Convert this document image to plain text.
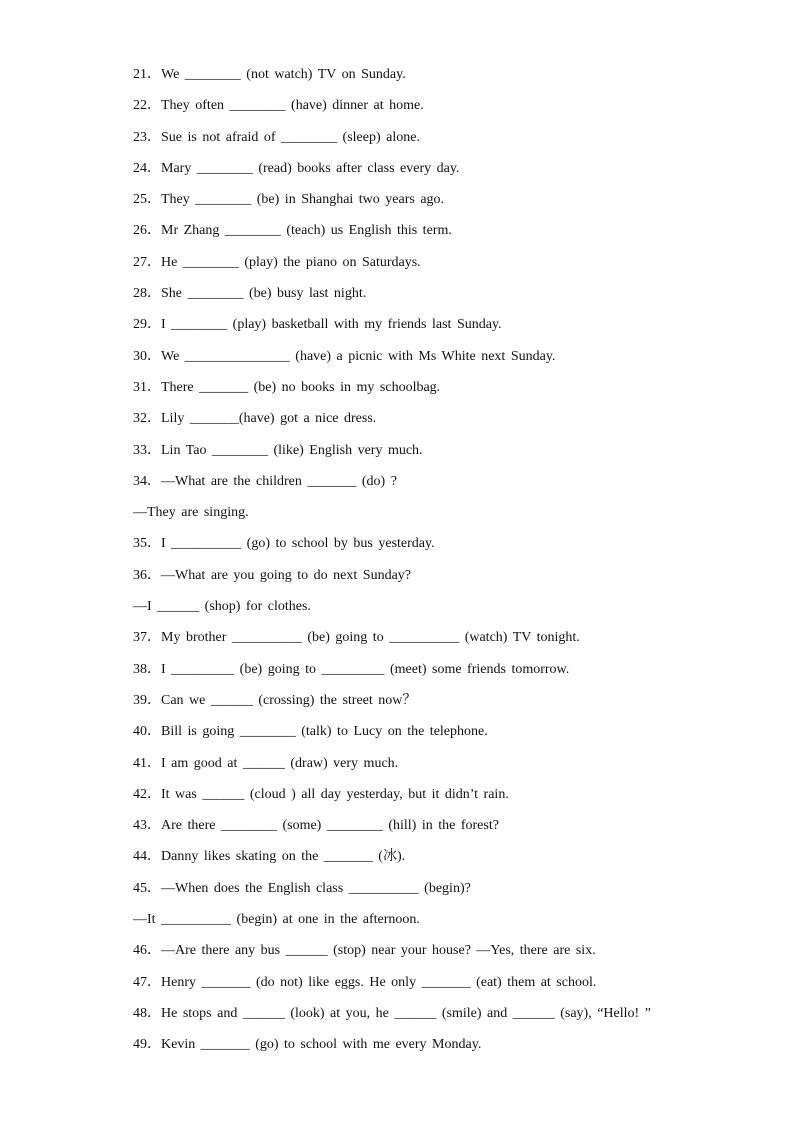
21．We ________ (not watch) TV on Sunday.
22．They often ________ (have) dinner at home.
23．Sue is not afraid of ________ (sleep) alone.
24．Mary ________ (read) books after class every day.
25．They ________ (be) in Shanghai two years ago.
26．Mr Zhang ________ (teach) us English this term.
27．He ________ (play) the piano on Saturdays.
28．She ________ (be) busy last night.
29．I ________ (play) basketball with my friends last Sunday.
30．We _______________ (have) a picnic with Ms White next Sunday.
31．There _______ (be) no books in my schoolbag.
32．Lily _______(have) got a nice dress.
33．Lin Tao ________ (like) English very much.
34．—What are the children _______ (do) ?
—They are singing.
35．I __________ (go) to school by bus yesterday.
36．—What are you going to do next Sunday?
—I ______ (shop) for clothes.
37．My brother __________ (be) going to __________ (watch) TV tonight.
38．I _________ (be) going to _________ (meet) some friends tomorrow.
39．Can we ______ (crossing) the street now？
40．Bill is going ________ (talk) to Lucy on the telephone.
41．I am good at ______ (draw) very much.
42．It was ______ (cloud ) all day yesterday, but it didn’t rain.
43．Are there ________ (some) ________ (hill) in the forest?
44．Danny likes skating on the _______ (冰).
45．—When does the English class __________ (begin)?
—It __________ (begin) at one in the afternoon.
46．—Are there any bus ______ (stop) near your house? —Yes, there are six.
47．Henry _______ (do not) like eggs. He only _______ (eat) them at school.
48．He stops and ______ (look) at you, he ______ (smile) and ______ (say), “Hello! ”
49．Kevin _______ (go) to school with me every Monday.
